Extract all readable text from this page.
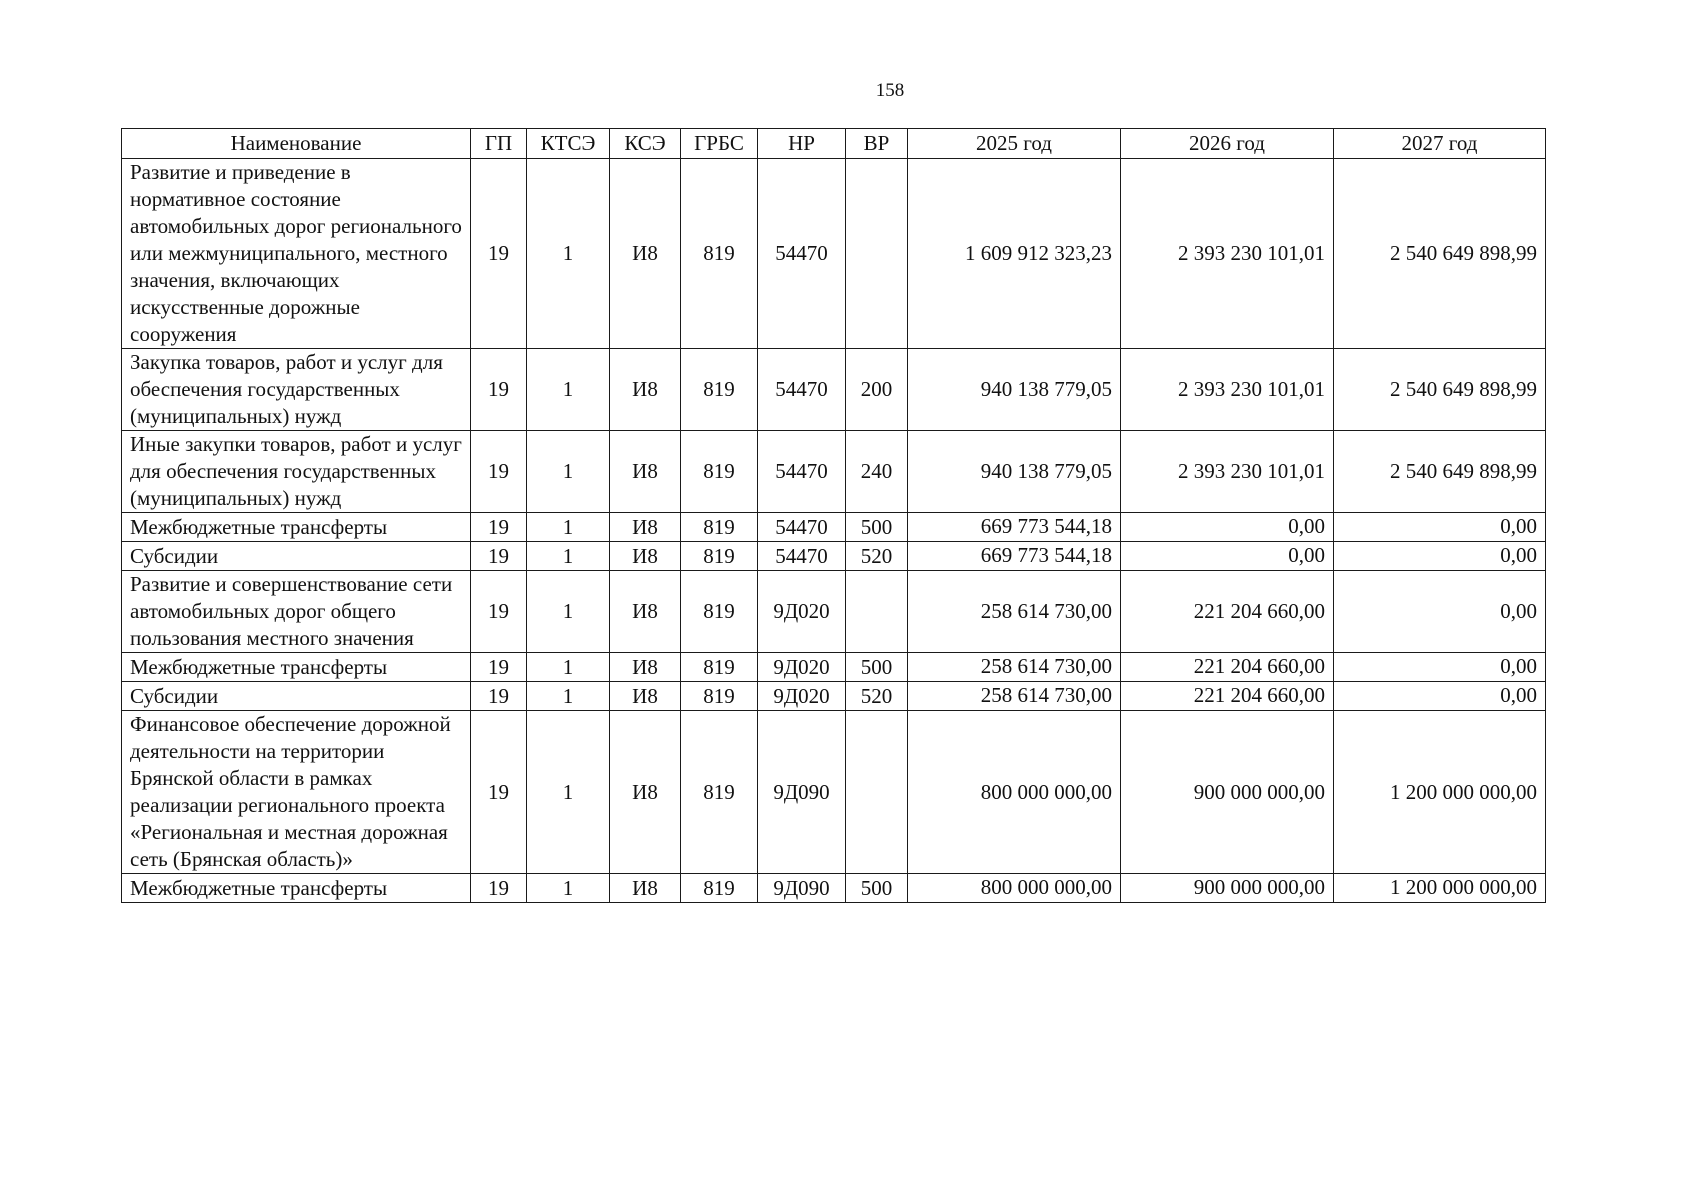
158
Наименование	ГП	КТСЭ	КСЭ	ГРБС	НР	ВР	2025 год	2026 год	2027 год
Развитие и приведение в нормативное состояние автомобильных дорог регионального или межмуниципального, местного значения, включающих искусственные дорожные сооружения	19	1	И8	819	54470		1 609 912 323,23	2 393 230 101,01	2 540 649 898,99
Закупка товаров, работ и услуг для обеспечения государственных (муниципальных) нужд	19	1	И8	819	54470	200	940 138 779,05	2 393 230 101,01	2 540 649 898,99
Иные закупки товаров, работ и услуг для обеспечения государственных (муниципальных) нужд	19	1	И8	819	54470	240	940 138 779,05	2 393 230 101,01	2 540 649 898,99
Межбюджетные трансферты	19	1	И8	819	54470	500	669 773 544,18	0,00	0,00
Субсидии	19	1	И8	819	54470	520	669 773 544,18	0,00	0,00
Развитие и совершенствование сети автомобильных дорог общего пользования местного значения	19	1	И8	819	9Д020		258 614 730,00	221 204 660,00	0,00
Межбюджетные трансферты	19	1	И8	819	9Д020	500	258 614 730,00	221 204 660,00	0,00
Субсидии	19	1	И8	819	9Д020	520	258 614 730,00	221 204 660,00	0,00
Финансовое обеспечение дорожной деятельности на территории Брянской области в рамках реализации регионального проекта «Региональная и местная дорожная сеть (Брянская область)»	19	1	И8	819	9Д090		800 000 000,00	900 000 000,00	1 200 000 000,00
Межбюджетные трансферты	19	1	И8	819	9Д090	500	800 000 000,00	900 000 000,00	1 200 000 000,00
